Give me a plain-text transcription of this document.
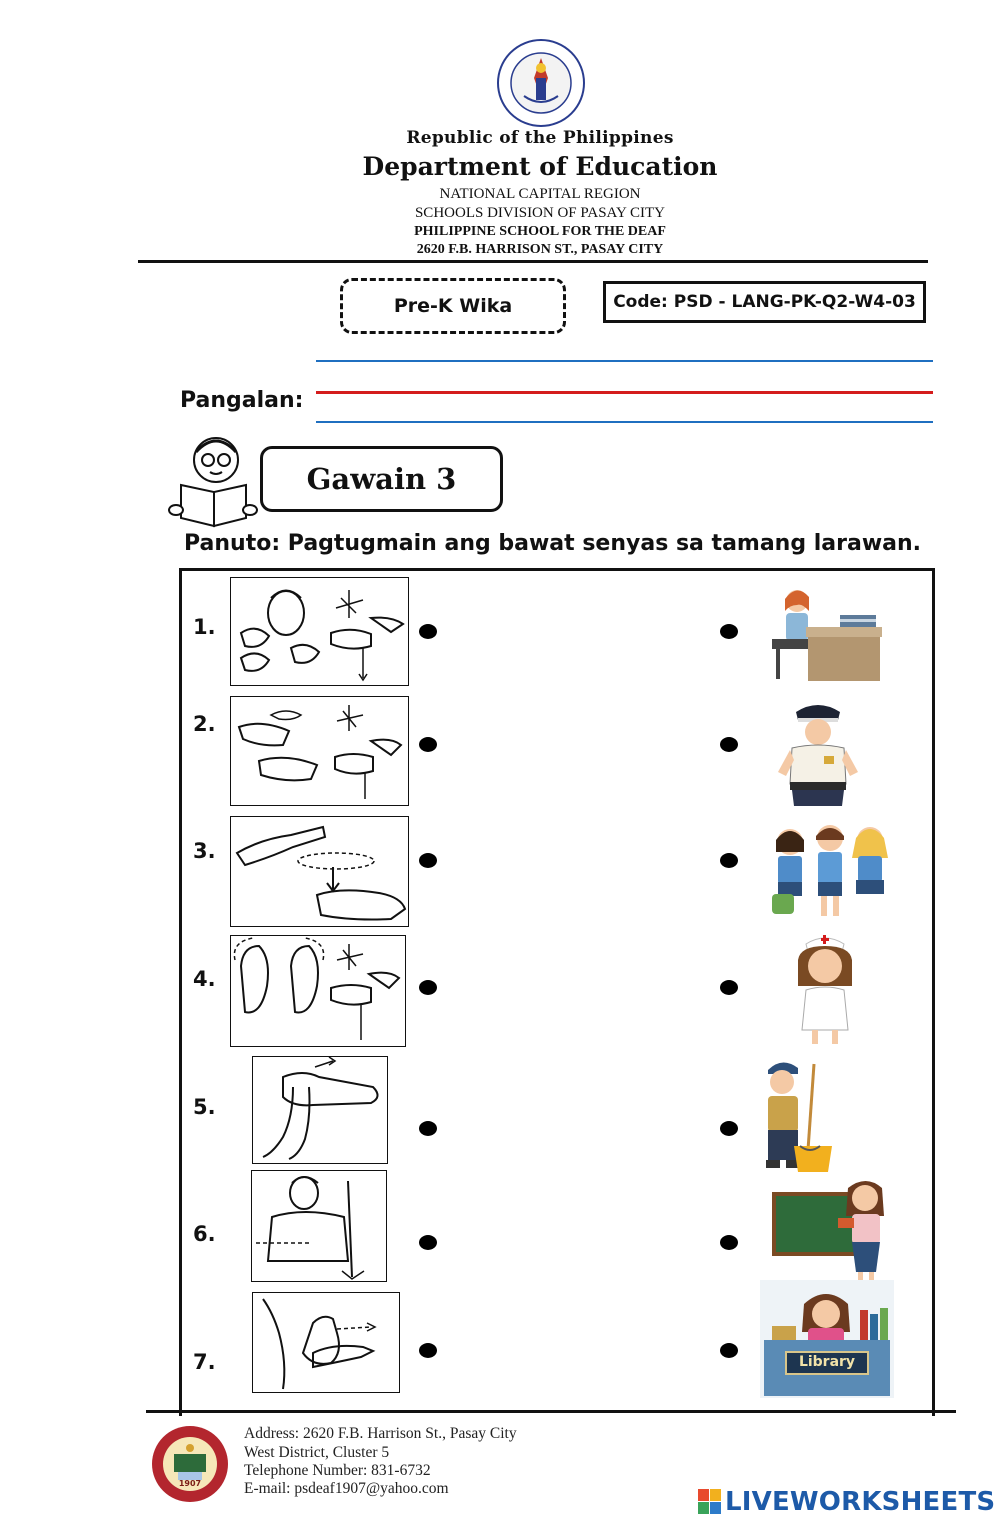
Republic of the Philippines
Department of Education
NATIONAL CAPITAL REGION
SCHOOLS DIVISION OF PASAY CITY
PHILIPPINE SCHOOL FOR THE DEAF
2620 F.B. HARRISON ST., PASAY CITY
Pre-K Wika	Code: PSD - LANG-PK-Q2-W4-03
Pangalan:
Gawain 3
Panuto: Pagtugmain ang bawat senyas sa tamang larawan.
1.
2.
3.
4.
5.
6.
7.	Library
1907
Address: 2620 F.B. Harrison St., Pasay City
West District, Cluster 5
Telephone Number: 831-6732
E-mail: psdeaf1907@yahoo.com	LIVEWORKSHEETS
